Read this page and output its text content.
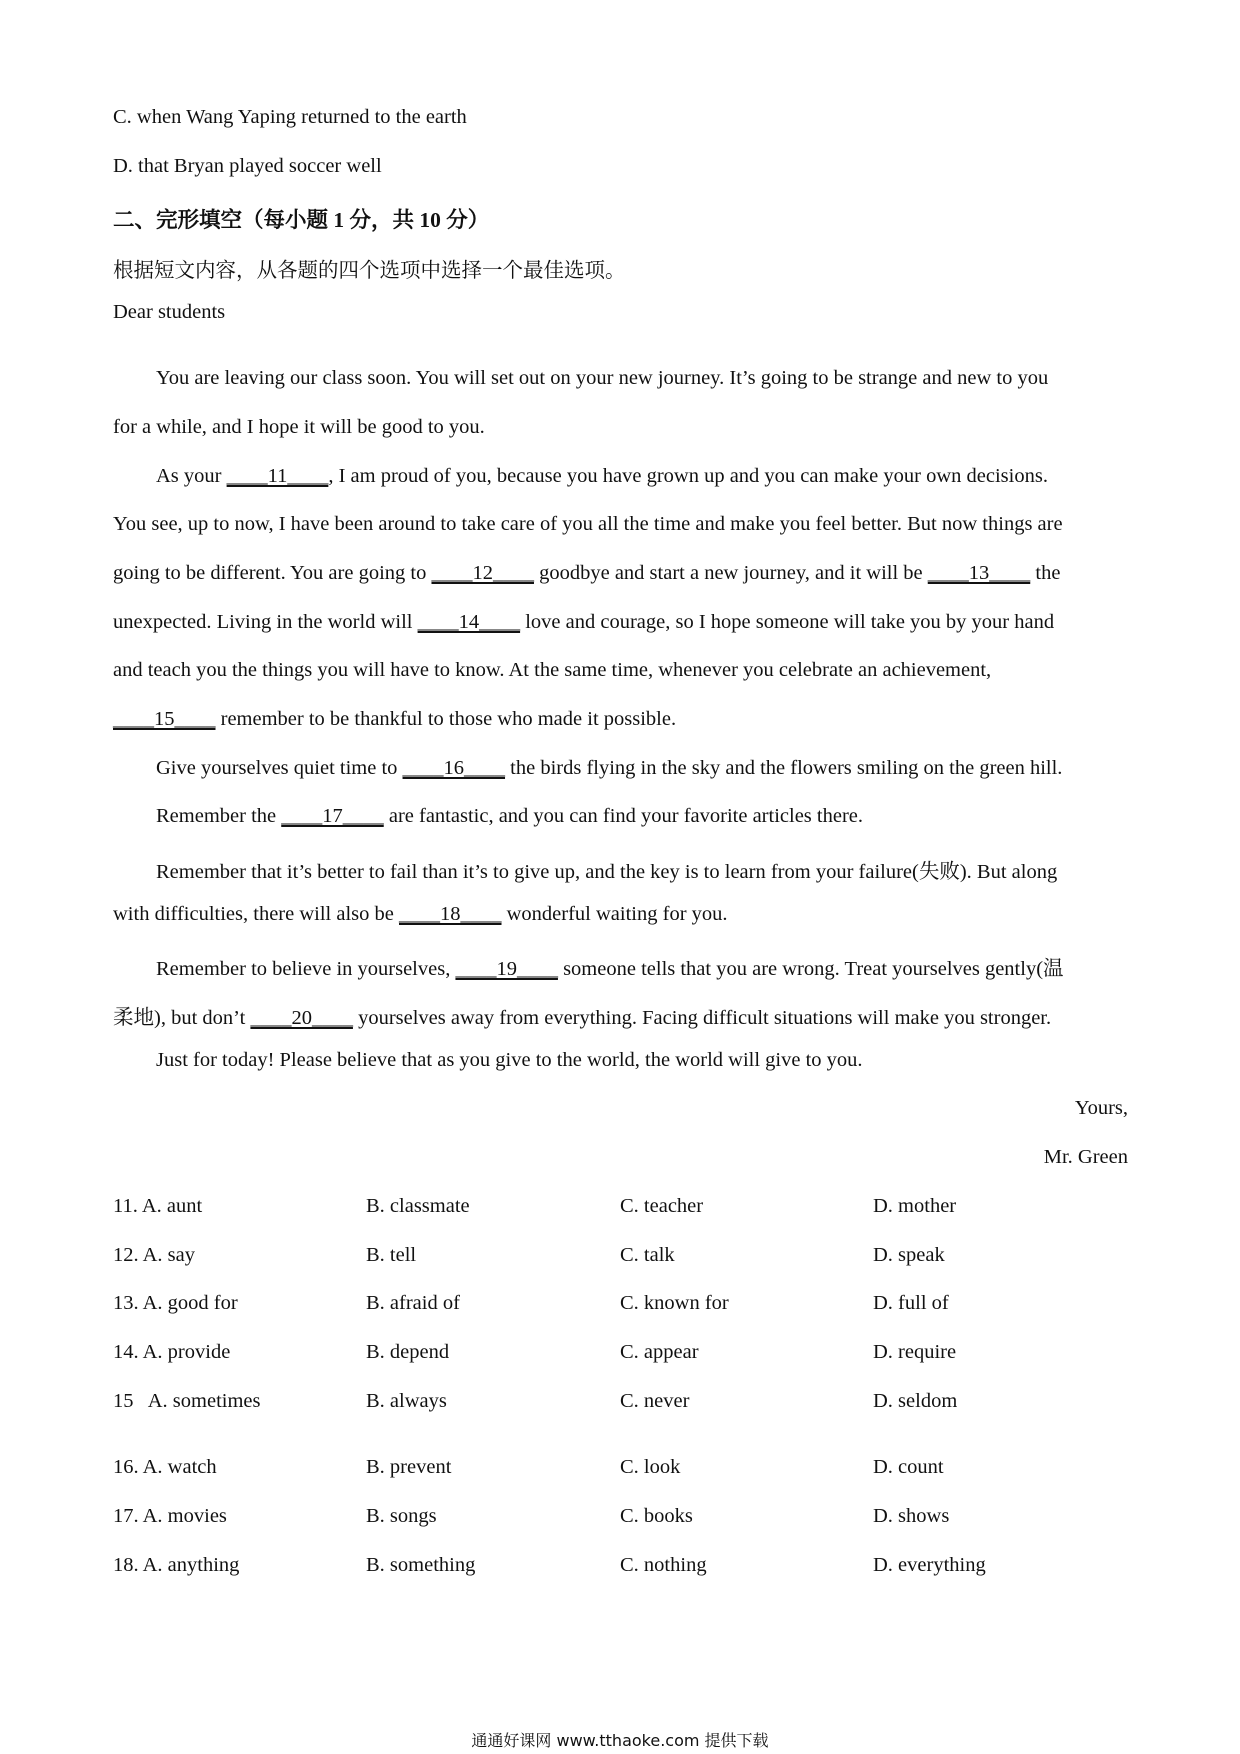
C. when Wang Yaping returned to the earth
D. that Bryan played soccer well
二、完形填空（每小题 1 分，共 10 分）
根据短文内容，从各题的四个选项中选择一个最佳选项。
Dear students
You are leaving our class soon. You will set out on your new journey. It’s going to be strange and new to you
for a while, and I hope it will be good to you.
As your ____11____, I am proud of you, because you have grown up and you can make your own decisions.
You see, up to now, I have been around to take care of you all the time and make you feel better. But now things are
going to be different. You are going to ____12____ goodbye and start a new journey, and it will be ____13____ the
unexpected. Living in the world will ____14____ love and courage, so I hope someone will take you by your hand
and teach you the things you will have to know. At the same time, whenever you celebrate an achievement,
____15____ remember to be thankful to those who made it possible.
Give yourselves quiet time to ____16____ the birds flying in the sky and the flowers smiling on the green hill.
Remember the ____17____ are fantastic, and you can find your favorite articles there.
Remember that it’s better to fail than it’s to give up, and the key is to learn from your failure(失败). But along
with difficulties, there will also be ____18____ wonderful waiting for you.
Remember to believe in yourselves, ____19____ someone tells that you are wrong. Treat yourselves gently(温
柔地), but don’t ____20____ yourselves away from everything. Facing difficult situations will make you stronger.
Just for today! Please believe that as you give to the world, the world will give to you.
Yours,
Mr. Green
11. A. aunt	B. classmate	C. teacher	D. mother
12. A. say	B. tell	C. talk	D. speak
13. A. good for	B. afraid of	C. known for	D. full of
14. A. provide	B. depend	C. appear	D. require
15   A. sometimes	B. always	C. never	D. seldom
16. A. watch	B. prevent	C. look	D. count
17. A. movies	B. songs	C. books	D. shows
18. A. anything	B. something	C. nothing	D. everything
通通好课网 www.tthaoke.com 提供下载
